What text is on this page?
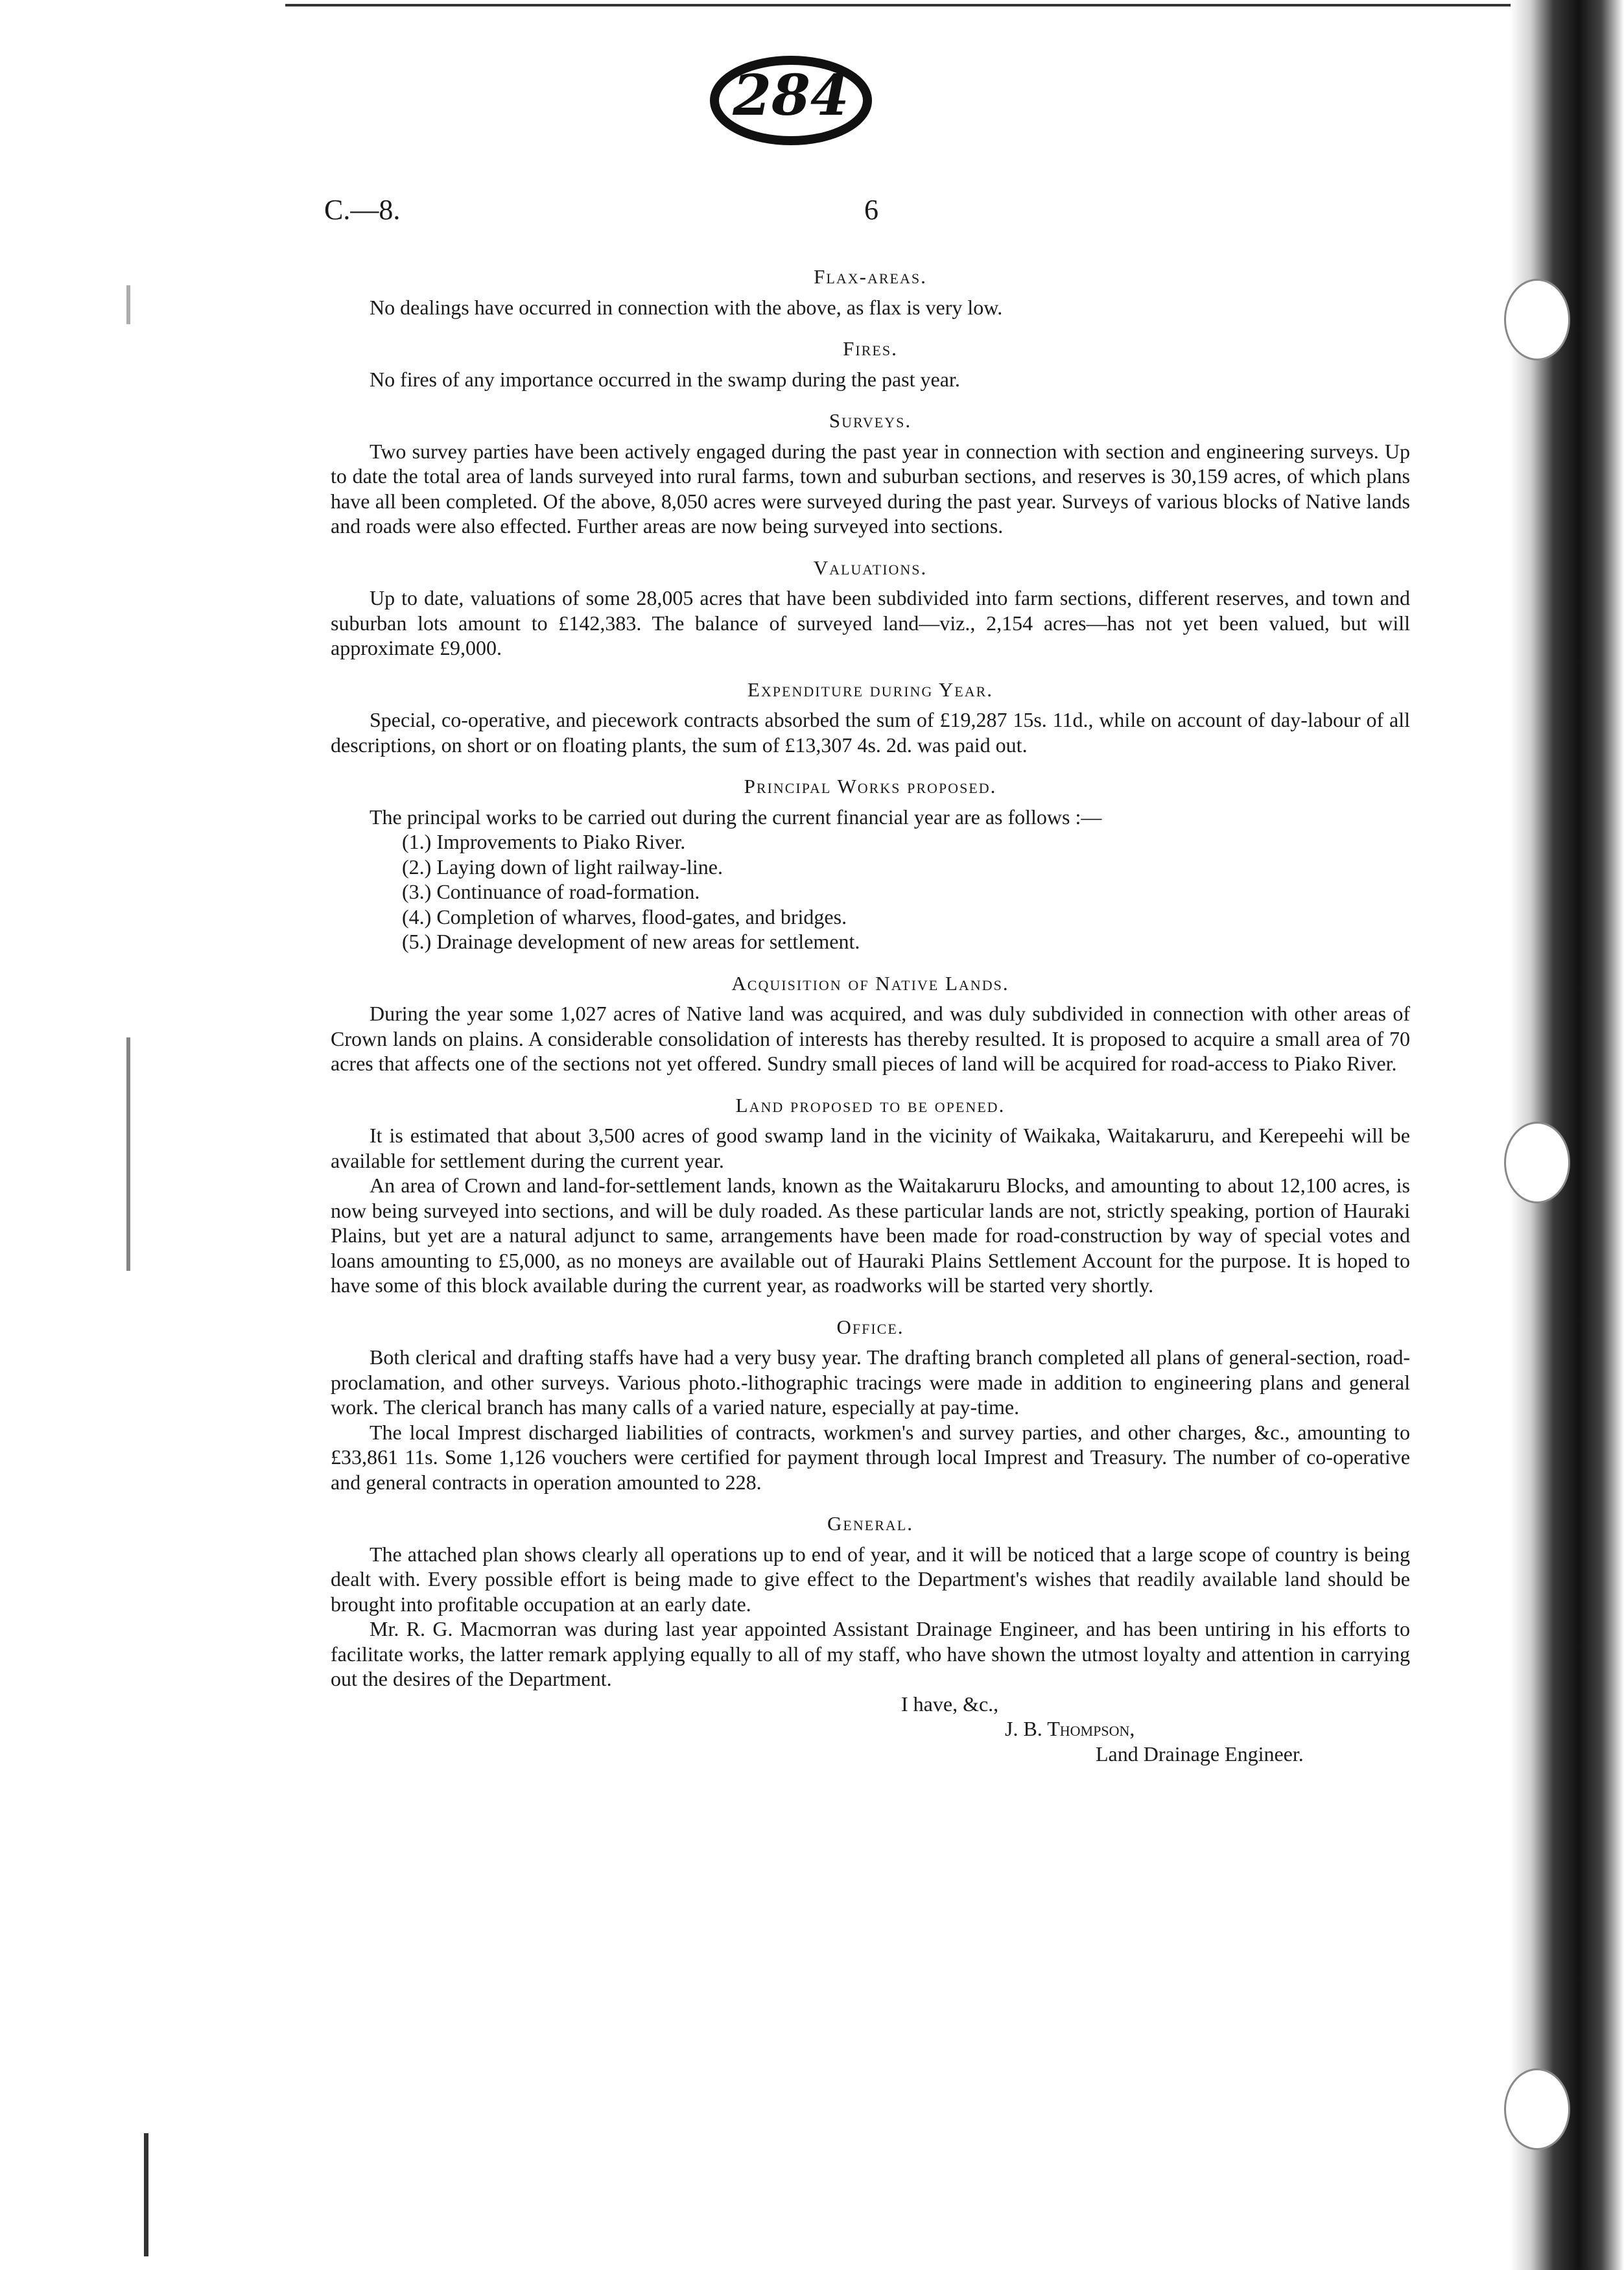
284
C.—8.	6
Flax-areas.

No dealings have occurred in connection with the above, as flax is very low.

Fires.

No fires of any importance occurred in the swamp during the past year.

Surveys.

Two survey parties have been actively engaged during the past year in connection with section and engineering surveys. Up to date the total area of lands surveyed into rural farms, town and suburban sections, and reserves is 30,159 acres, of which plans have all been completed. Of the above, 8,050 acres were surveyed during the past year. Surveys of various blocks of Native lands and roads were also effected. Further areas are now being surveyed into sections.

Valuations.

Up to date, valuations of some 28,005 acres that have been subdivided into farm sections, different reserves, and town and suburban lots amount to £142,383. The balance of surveyed land—viz., 2,154 acres—has not yet been valued, but will approximate £9,000.

Expenditure during Year.

Special, co-operative, and piecework contracts absorbed the sum of £19,287 15s. 11d., while on account of day-labour of all descriptions, on short or on floating plants, the sum of £13,307 4s. 2d. was paid out.

Principal Works proposed.

The principal works to be carried out during the current financial year are as follows :—

(1.) Improvements to Piako River.
(2.) Laying down of light railway-line.
(3.) Continuance of road-formation.
(4.) Completion of wharves, flood-gates, and bridges.
(5.) Drainage development of new areas for settlement.
Acquisition of Native Lands.

During the year some 1,027 acres of Native land was acquired, and was duly subdivided in connection with other areas of Crown lands on plains. A considerable consolidation of interests has thereby resulted. It is proposed to acquire a small area of 70 acres that affects one of the sections not yet offered. Sundry small pieces of land will be acquired for road-access to Piako River.

Land proposed to be opened.

It is estimated that about 3,500 acres of good swamp land in the vicinity of Waikaka, Waitakaruru, and Kerepeehi will be available for settlement during the current year.

An area of Crown and land-for-settlement lands, known as the Waitakaruru Blocks, and amounting to about 12,100 acres, is now being surveyed into sections, and will be duly roaded. As these particular lands are not, strictly speaking, portion of Hauraki Plains, but yet are a natural adjunct to same, arrangements have been made for road-construction by way of special votes and loans amounting to £5,000, as no moneys are available out of Hauraki Plains Settlement Account for the purpose. It is hoped to have some of this block available during the current year, as roadworks will be started very shortly.

Office.

Both clerical and drafting staffs have had a very busy year. The drafting branch completed all plans of general-section, road-proclamation, and other surveys. Various photo.-lithographic tracings were made in addition to engineering plans and general work. The clerical branch has many calls of a varied nature, especially at pay-time.

The local Imprest discharged liabilities of contracts, workmen's and survey parties, and other charges, &c., amounting to £33,861 11s. Some 1,126 vouchers were certified for payment through local Imprest and Treasury. The number of co-operative and general contracts in operation amounted to 228.

General.

The attached plan shows clearly all operations up to end of year, and it will be noticed that a large scope of country is being dealt with. Every possible effort is being made to give effect to the Department's wishes that readily available land should be brought into profitable occupation at an early date.

Mr. R. G. Macmorran was during last year appointed Assistant Drainage Engineer, and has been untiring in his efforts to facilitate works, the latter remark applying equally to all of my staff, who have shown the utmost loyalty and attention in carrying out the desires of the Department.

I have, &c.,
J. B. Thompson,
Land Drainage Engineer.
